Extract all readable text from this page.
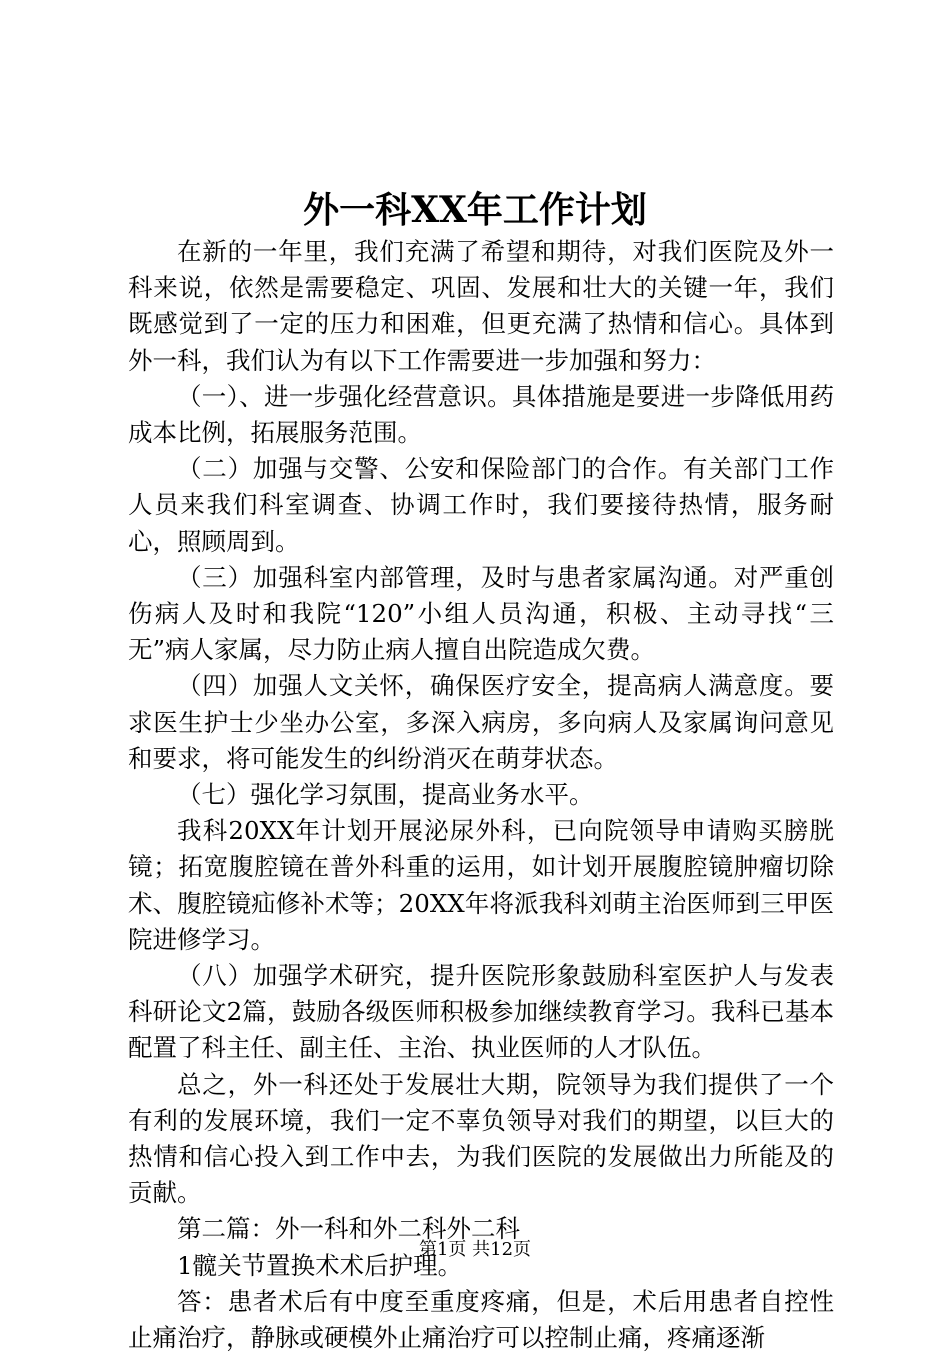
外一科XX年工作计划

在新的一年里，我们充满了希望和期待，对我们医院及外一科来说，依然是需要稳定、巩固、发展和壮大的关键一年，我们既感觉到了一定的压力和困难，但更充满了热情和信心。具体到外一科，我们认为有以下工作需要进一步加强和努力：

（一）、进一步强化经营意识。具体措施是要进一步降低用药成本比例，拓展服务范围。

（二）加强与交警、公安和保险部门的合作。有关部门工作人员来我们科室调查、协调工作时，我们要接待热情，服务耐心，照顾周到。

（三）加强科室内部管理，及时与患者家属沟通。对严重创伤病人及时和我院“120”小组人员沟通，积极、主动寻找“三无”病人家属，尽力防止病人擅自出院造成欠费。

（四）加强人文关怀，确保医疗安全，提高病人满意度。要求医生护士少坐办公室，多深入病房，多向病人及家属询问意见和要求，将可能发生的纠纷消灭在萌芽状态。

（七）强化学习氛围，提高业务水平。

我科20XX年计划开展泌尿外科，已向院领导申请购买膀胱镜；拓宽腹腔镜在普外科重的运用，如计划开展腹腔镜肿瘤切除术、腹腔镜疝修补术等；20XX年将派我科刘萌主治医师到三甲医院进修学习。

（八）加强学术研究，提升医院形象鼓励科室医护人与发表科研论文2篇，鼓励各级医师积极参加继续教育学习。我科已基本配置了科主任、副主任、主治、执业医师的人才队伍。

总之，外一科还处于发展壮大期，院领导为我们提供了一个有利的发展环境，我们一定不辜负领导对我们的期望，以巨大的热情和信心投入到工作中去，为我们医院的发展做出力所能及的贡献。

第二篇：外一科和外二科外二科

1髋关节置换术术后护理。

答：患者术后有中度至重度疼痛，但是，术后用患者自控性止痛治疗，静脉或硬模外止痛治疗可以控制止痛，疼痛逐渐

第1页 共12页
